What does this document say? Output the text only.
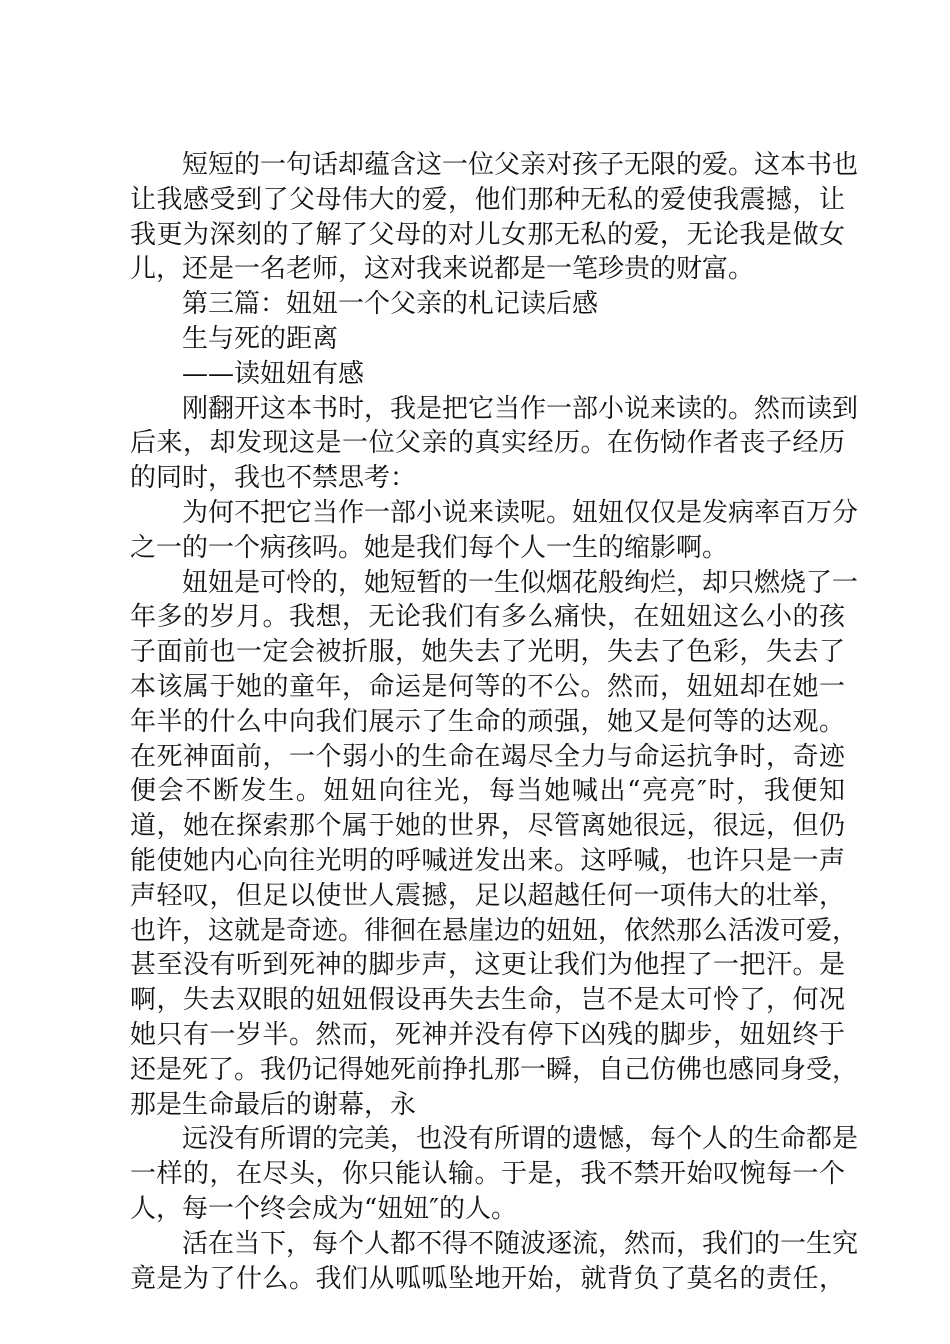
短短的一句话却蕴含这一位父亲对孩子无限的爱。这本书也
让我感受到了父母伟大的爱，他们那种无私的爱使我震撼，让
我更为深刻的了解了父母的对儿女那无私的爱，无论我是做女
儿，还是一名老师，这对我来说都是一笔珍贵的财富。
第三篇：妞妞一个父亲的札记读后感
生与死的距离
——读妞妞有感
刚翻开这本书时，我是把它当作一部小说来读的。然而读到
后来，却发现这是一位父亲的真实经历。在伤恸作者丧子经历
的同时，我也不禁思考：
为何不把它当作一部小说来读呢。妞妞仅仅是发病率百万分
之一的一个病孩吗。她是我们每个人一生的缩影啊。
妞妞是可怜的，她短暂的一生似烟花般绚烂，却只燃烧了一
年多的岁月。我想，无论我们有多么痛快，在妞妞这么小的孩
子面前也一定会被折服，她失去了光明，失去了色彩，失去了
本该属于她的童年，命运是何等的不公。然而，妞妞却在她一
年半的什么中向我们展示了生命的顽强，她又是何等的达观。
在死神面前，一个弱小的生命在竭尽全力与命运抗争时，奇迹
便会不断发生。妞妞向往光，每当她喊出“亮亮″时，我便知
道，她在探索那个属于她的世界，尽管离她很远，很远，但仍
能使她内心向往光明的呼喊迸发出来。这呼喊，也许只是一声
声轻叹，但足以使世人震撼，足以超越任何一项伟大的壮举，
也许，这就是奇迹。徘徊在悬崖边的妞妞，依然那么活泼可爱，
甚至没有听到死神的脚步声，这更让我们为他捏了一把汗。是
啊，失去双眼的妞妞假设再失去生命，岂不是太可怜了，何况
她只有一岁半。然而，死神并没有停下凶残的脚步，妞妞终于
还是死了。我仍记得她死前挣扎那一瞬，自己仿佛也感同身受，
那是生命最后的谢幕，永
远没有所谓的完美，也没有所谓的遗憾，每个人的生命都是
一样的，在尽头，你只能认输。于是，我不禁开始叹惋每一个
人，每一个终会成为“妞妞″的人。
活在当下，每个人都不得不随波逐流，然而，我们的一生究
竟是为了什么。我们从呱呱坠地开始，就背负了莫名的责任，
